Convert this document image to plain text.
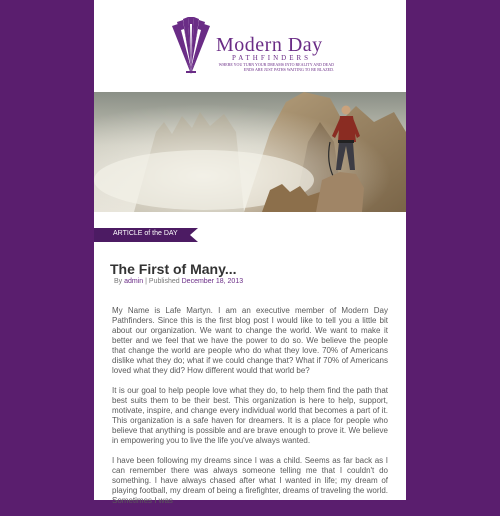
Modern Day
PATHFINDERS
WHERE YOU TURN YOUR DREAMS INTO REALITY AND DEAD ENDS ARE JUST PATHS WAITING TO BE BLAZED.
ARTICLE of the DAY
The First of Many...
By admin | Published December 18, 2013

My Name is Lafe Martyn. I am an executive member of Modern Day Pathfinders. Since this is the first blog post I would like to tell you a little bit about our organization. We want to change the world. We want to make it better and we feel that we have the power to do so. We believe the people that change the world are people who do what they love. 70% of Americans dislike what they do; what if we could change that? What if 70% of Americans loved what they did? How different would that world be?

It is our goal to help people love what they do, to help them find the path that best suits them to be their best. This organization is here to help, support, motivate, inspire, and change every individual world that becomes a part of it. This organization is a safe haven for dreamers. It is a place for people who believe that anything is possible and are brave enough to prove it. We believe in empowering you to live the life you've always wanted.

I have been following my dreams since I was a child. Seems as far back as I can remember there was always someone telling me that I couldn't do something. I have always chased after what I wanted in life; my dream of playing football, my dream of being a firefighter, dreams of traveling the world. Sometimes I was
